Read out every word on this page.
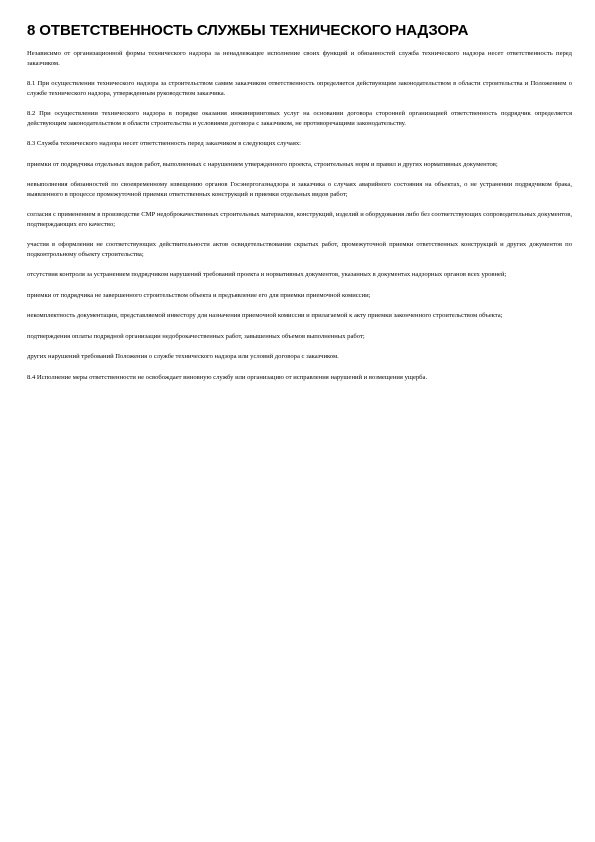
8 ОТВЕТСТВЕННОСТЬ СЛУЖБЫ ТЕХНИЧЕСКОГО НАДЗОРА

Независимо от организационной формы технического надзора за ненадлежащее исполнение своих функций и обязанностей служба технического надзора несет ответственность перед заказчиком.

8.1 При осуществлении технического надзора за строительством самим заказчиком ответственность определяется действующим законодательством в области строительства и Положением о службе технического надзора, утвержденным руководством заказчика.

8.2 При осуществлении технического надзора в порядке оказания инжиниринговых услуг на основании договора сторонней организацией ответственность подрядчик определяется действующим законодательством в области строительства и условиями договора с заказчиком, не противоречащими законодательству.

8.3 Служба технического надзора несет ответственность перед заказчиком в следующих случаях:

приемки от подрядчика отдельных видов работ, выполненных с нарушением утвержденного проекта, строительных норм и правил и других нормативных документов;

невыполнения обязанностей по своевременному извещению органов Госэнергогазнадзора и заказчика о случаях аварийного состояния на объектах, о не устранении подрядчиком брака, выявленного в процессе промежуточной приемки ответственных конструкций и приемки отдельных видов работ;

согласия с применением в производстве СМР недоброкачественных строительных материалов, конструкций, изделий и оборудования либо без соответствующих сопроводительных документов, подтверждающих его качество;

участия в оформлении не соответствующих действительности актов освидетельствования скрытых работ, промежуточной приемки ответственных конструкций и других документов по подконтрольному объекту строительства;

отсутствия контроля за устранением подрядчиком нарушений требований проекта и нормативных документов, указанных в документах надзорных органов всех уровней;

приемки от подрядчика не завершенного строительством объекта и предъявление его для приемки приемочной комиссии;

некомплектность документации, представляемой инвестору для назначения приемочной комиссии и прилагаемой к акту приемки законченного строительством объекта;

подтверждения оплаты подрядной организации недоброкачественных работ, завышенных объемов выполненных работ;

других нарушений требований Положения о службе технического надзора или условий договора с заказчиком.

8.4 Исполнение меры ответственности не освобождает виновную службу или организацию от исправления нарушений и возмещения ущерба.
